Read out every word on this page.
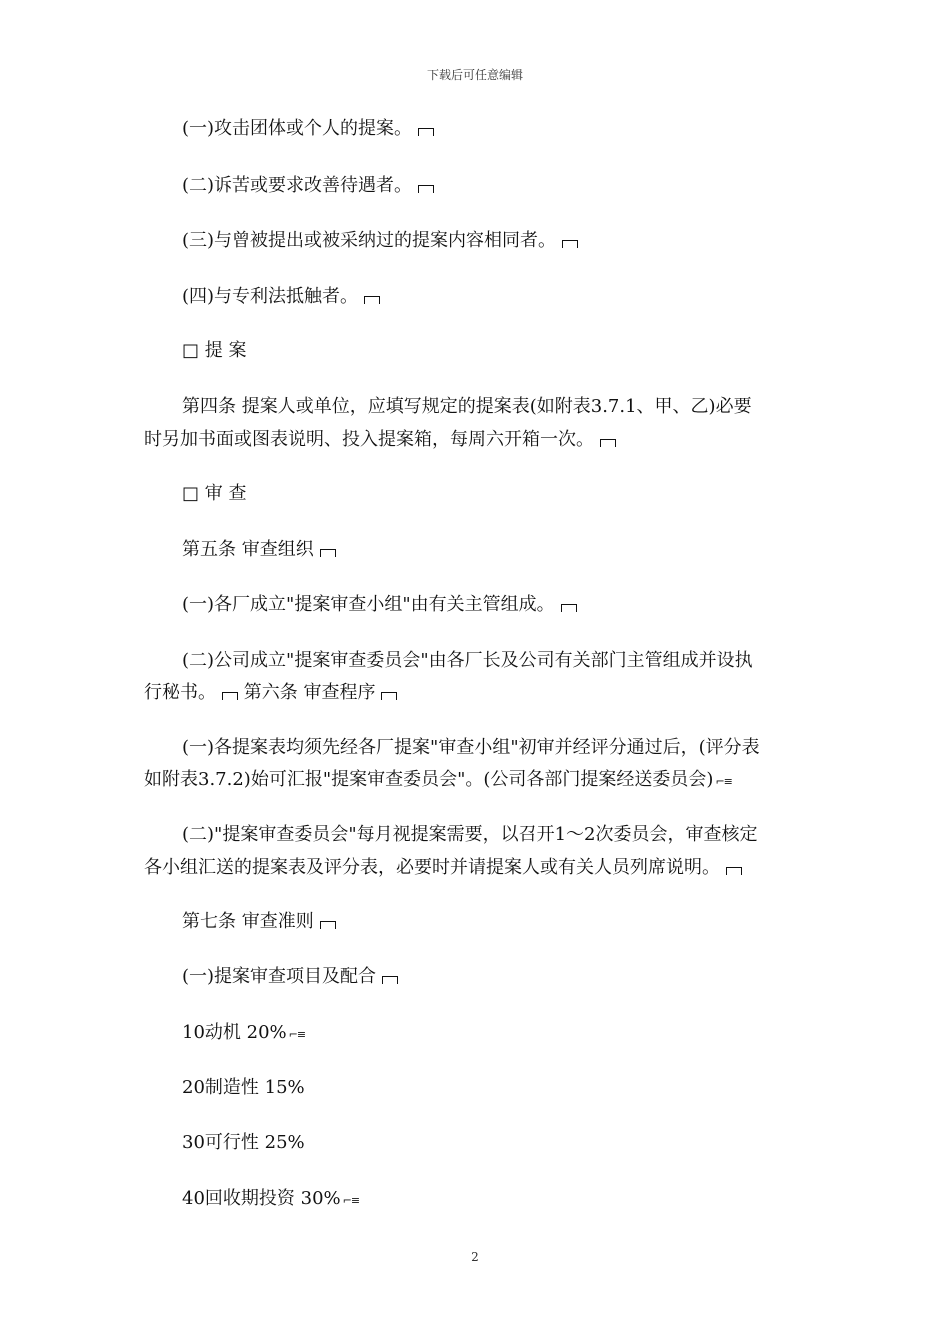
下载后可任意编辑
(一)攻击团体或个人的提案。
(二)诉苦或要求改善待遇者。
(三)与曾被提出或被采纳过的提案内容相同者。
(四)与专利法抵触者。
□ 提 案
第四条 提案人或单位，应填写规定的提案表(如附表3.7.1、甲、乙)必要
时另加书面或图表说明、投入提案箱，每周六开箱一次。
□ 审 查
第五条 审查组织
(一)各厂成立"提案审查小组"由有关主管组成。
(二)公司成立"提案审查委员会"由各厂长及公司有关部门主管组成并设执
行秘书。 第六条 审查程序
(一)各提案表均须先经各厂提案"审查小组"初审并经评分通过后，(评分表
如附表3.7.2)始可汇报"提案审查委员会"。(公司各部门提案经送委员会) ⌐≡
(二)"提案审查委员会"每月视提案需要，以召开1～2次委员会，审查核定
各小组汇送的提案表及评分表，必要时并请提案人或有关人员列席说明。
第七条 审查准则
(一)提案审查项目及配合
10动机 20% ⌐≡
20制造性 15%
30可行性 25%
40回收期投资 30% ⌐≡
2
